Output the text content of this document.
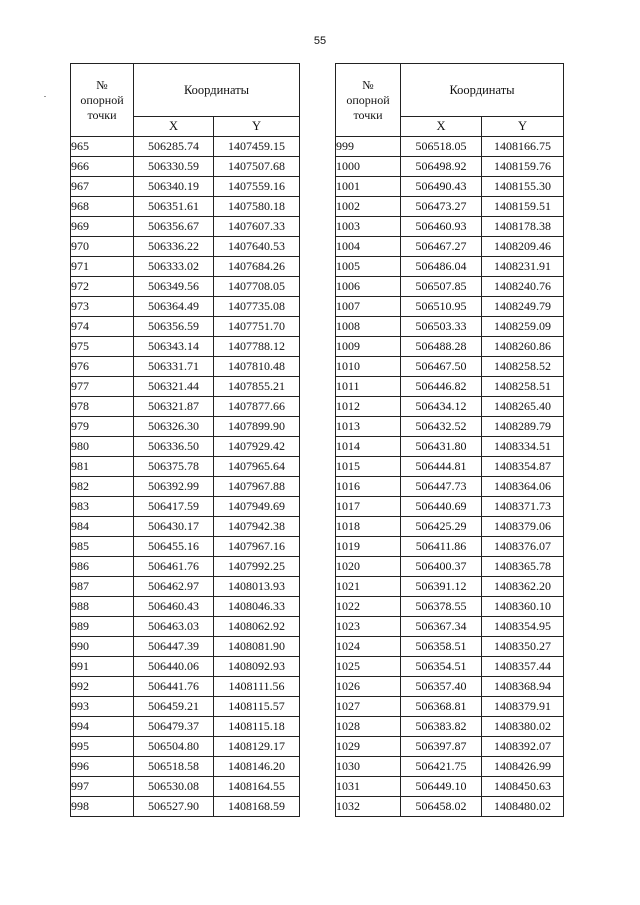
55
№
опорной
точки	Координаты	
	X	Y
965	506285.74	1407459.15
966	506330.59	1407507.68
967	506340.19	1407559.16
968	506351.61	1407580.18
969	506356.67	1407607.33
970	506336.22	1407640.53
971	506333.02	1407684.26
972	506349.56	1407708.05
973	506364.49	1407735.08
974	506356.59	1407751.70
975	506343.14	1407788.12
976	506331.71	1407810.48
977	506321.44	1407855.21
978	506321.87	1407877.66
979	506326.30	1407899.90
980	506336.50	1407929.42
981	506375.78	1407965.64
982	506392.99	1407967.88
983	506417.59	1407949.69
984	506430.17	1407942.38
985	506455.16	1407967.16
986	506461.76	1407992.25
987	506462.97	1408013.93
988	506460.43	1408046.33
989	506463.03	1408062.92
990	506447.39	1408081.90
991	506440.06	1408092.93
992	506441.76	1408111.56
993	506459.21	1408115.57
994	506479.37	1408115.18
995	506504.80	1408129.17
996	506518.58	1408146.20
997	506530.08	1408164.55
998	506527.90	1408168.59
№
опорной
точки	Координаты	
	X	Y
999	506518.05	1408166.75
1000	506498.92	1408159.76
1001	506490.43	1408155.30
1002	506473.27	1408159.51
1003	506460.93	1408178.38
1004	506467.27	1408209.46
1005	506486.04	1408231.91
1006	506507.85	1408240.76
1007	506510.95	1408249.79
1008	506503.33	1408259.09
1009	506488.28	1408260.86
1010	506467.50	1408258.52
1011	506446.82	1408258.51
1012	506434.12	1408265.40
1013	506432.52	1408289.79
1014	506431.80	1408334.51
1015	506444.81	1408354.87
1016	506447.73	1408364.06
1017	506440.69	1408371.73
1018	506425.29	1408379.06
1019	506411.86	1408376.07
1020	506400.37	1408365.78
1021	506391.12	1408362.20
1022	506378.55	1408360.10
1023	506367.34	1408354.95
1024	506358.51	1408350.27
1025	506354.51	1408357.44
1026	506357.40	1408368.94
1027	506368.81	1408379.91
1028	506383.82	1408380.02
1029	506397.87	1408392.07
1030	506421.75	1408426.99
1031	506449.10	1408450.63
1032	506458.02	1408480.02
